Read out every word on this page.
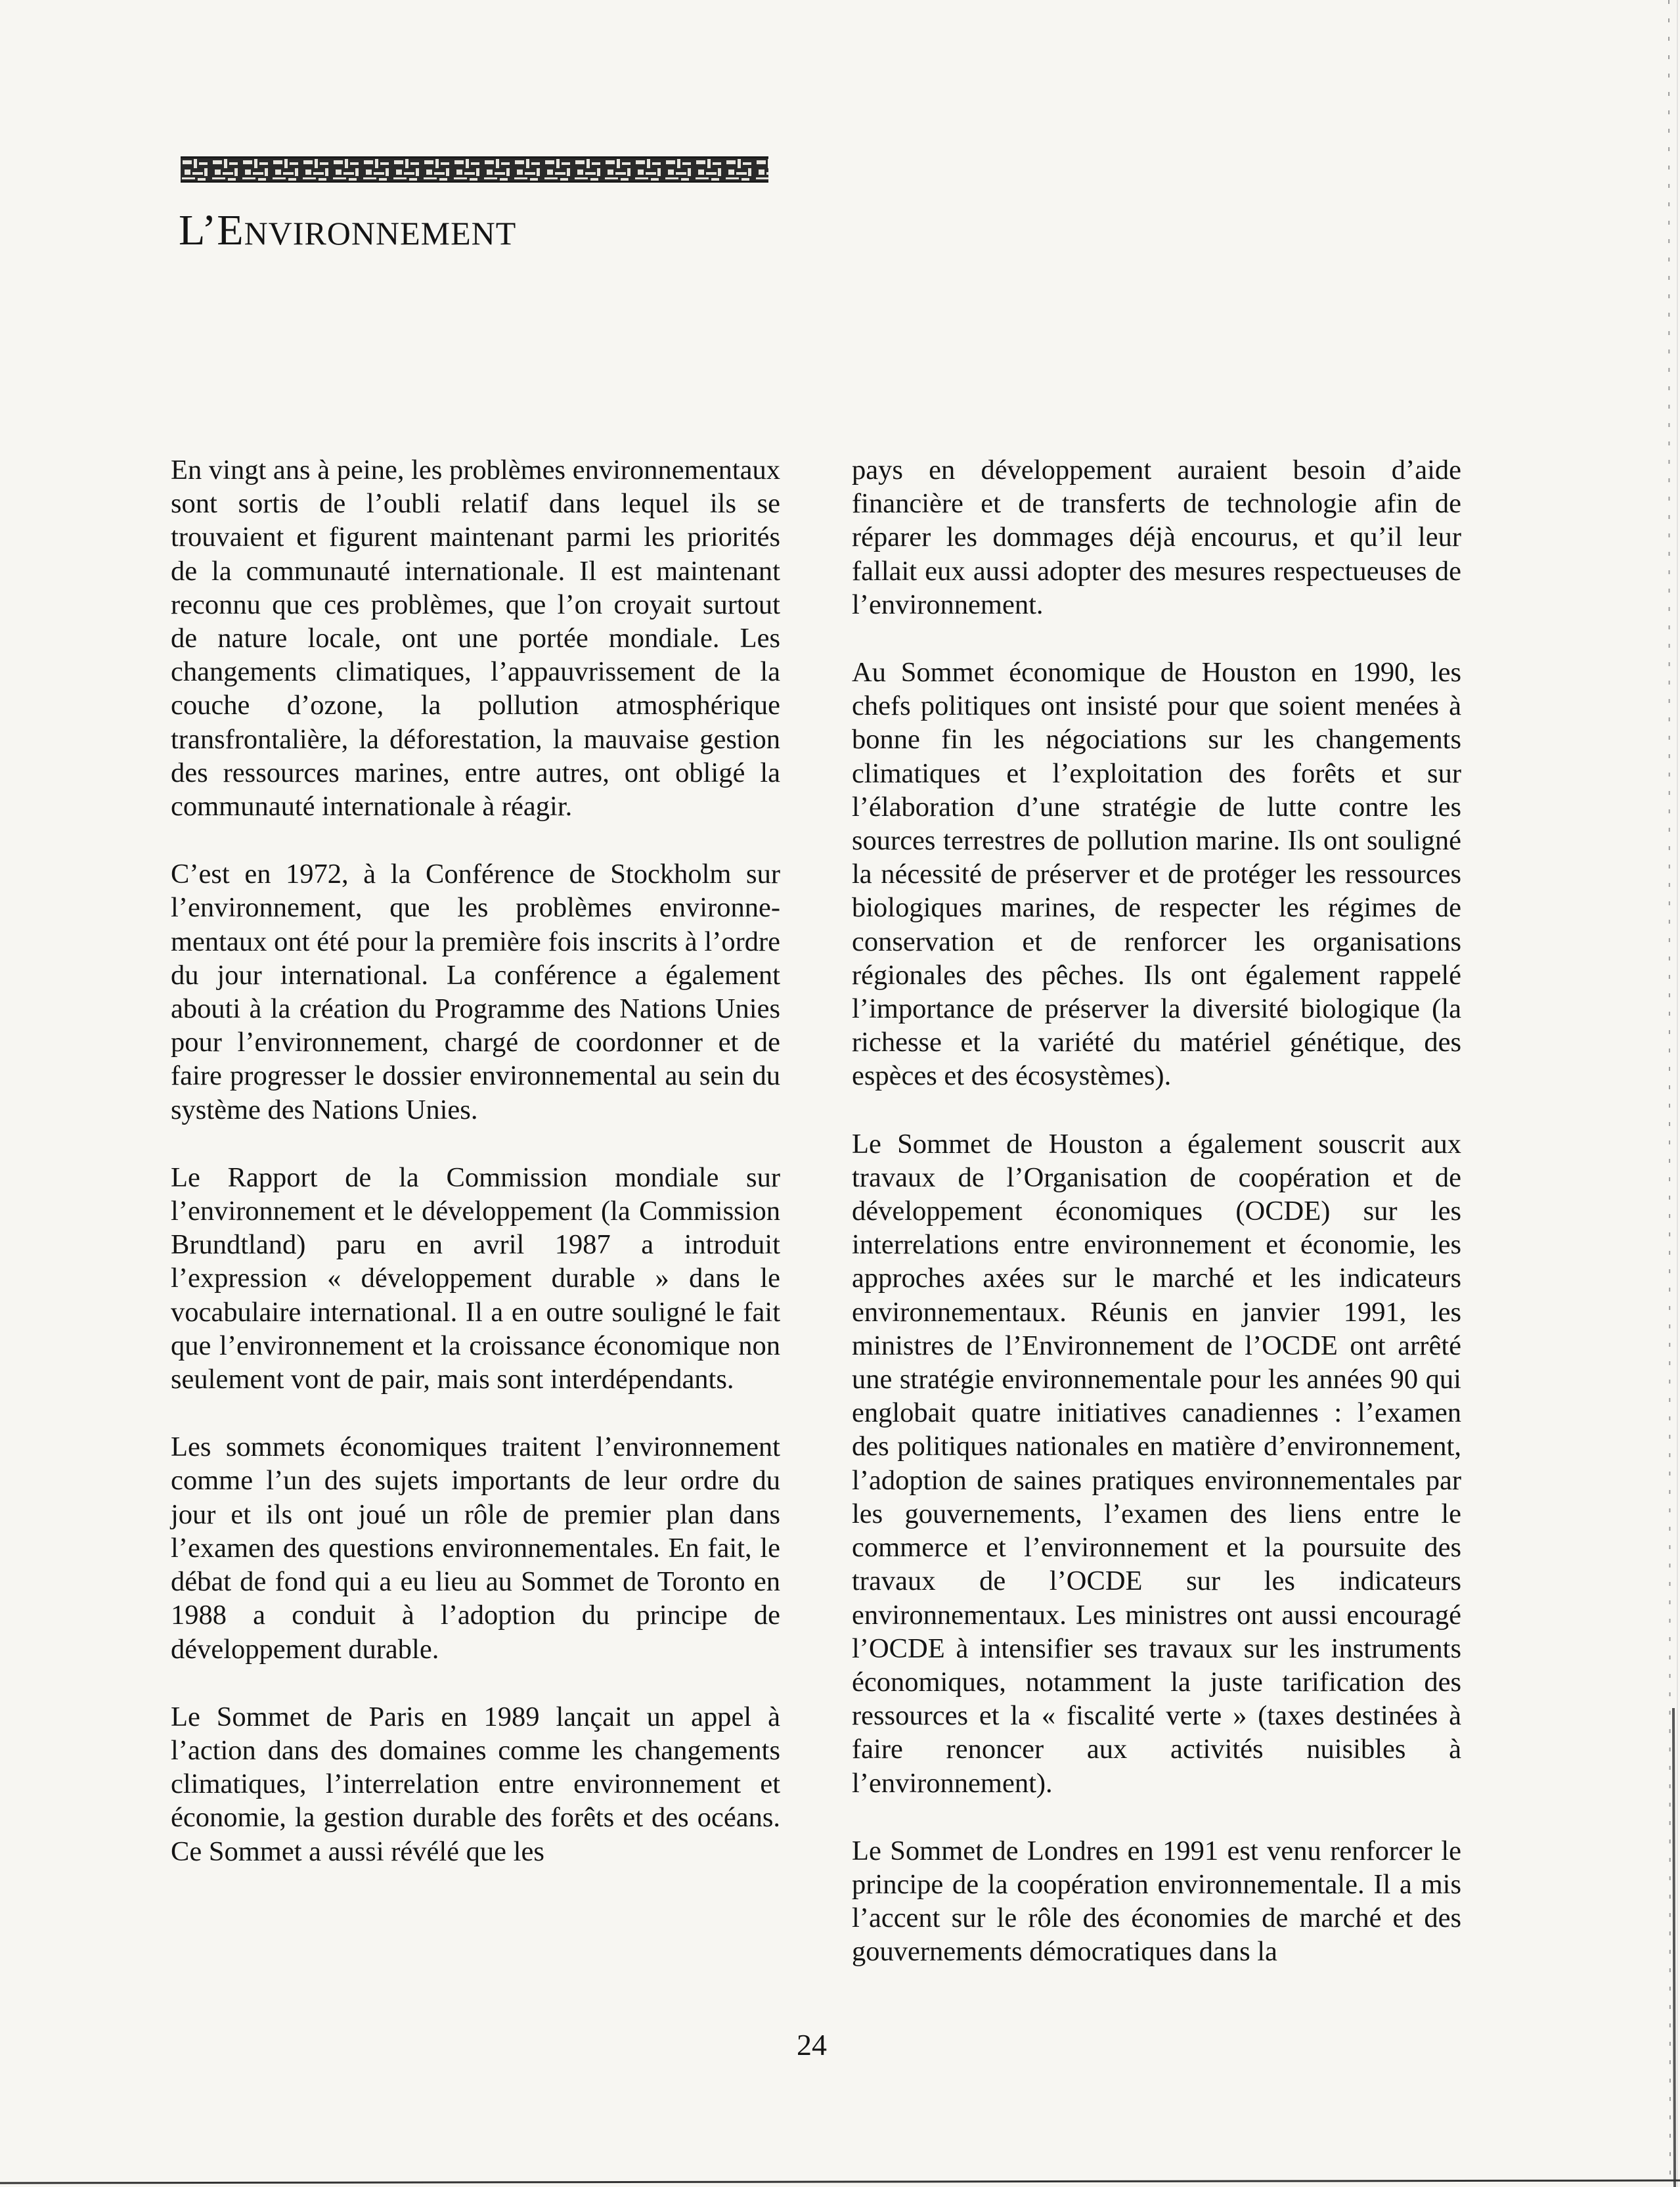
L’ENVIRONNEMENT

En vingt ans à peine, les problèmes environnementaux sont sortis de l’oubli relatif dans lequel ils se trouvaient et figurent maintenant parmi les priorités de la communauté internationale. Il est maintenant reconnu que ces problèmes, que l’on croyait surtout de nature locale, ont une portée mondiale. Les changements climatiques, l’appauvrissement de la couche d’ozone, la pollution atmosphérique transfrontalière, la déforestation, la mauvaise gestion des ressources marines, entre autres, ont obligé la communauté internationale à réagir.

C’est en 1972, à la Conférence de Stockholm sur l’environnement, que les problèmes environnementaux ont été pour la première fois inscrits à l’ordre du jour international. La conférence a également abouti à la création du Programme des Nations Unies pour l’environnement, chargé de coordonner et de faire progresser le dossier environnemental au sein du système des Nations Unies.

Le Rapport de la Commission mondiale sur l’environnement et le développement (la Commission Brundtland) paru en avril 1987 a introduit l’expression « développement durable » dans le vocabulaire international. Il a en outre souligné le fait que l’environnement et la croissance économique non seulement vont de pair, mais sont interdépendants.

Les sommets économiques traitent l’environnement comme l’un des sujets importants de leur ordre du jour et ils ont joué un rôle de premier plan dans l’examen des questions environnementales. En fait, le débat de fond qui a eu lieu au Sommet de Toronto en 1988 a conduit à l’adoption du principe de développement durable.

Le Sommet de Paris en 1989 lançait un appel à l’action dans des domaines comme les changements climatiques, l’interrelation entre environnement et économie, la gestion durable des forêts et des océans. Ce Sommet a aussi révélé que les

pays en développement auraient besoin d’aide financière et de transferts de technologie afin de réparer les dommages déjà encourus, et qu’il leur fallait eux aussi adopter des mesures respectueuses de l’environnement.

Au Sommet économique de Houston en 1990, les chefs politiques ont insisté pour que soient menées à bonne fin les négociations sur les changements climatiques et l’exploitation des forêts et sur l’élaboration d’une stratégie de lutte contre les sources terrestres de pollution marine. Ils ont souligné la nécessité de préserver et de protéger les ressources biologiques marines, de respecter les régimes de conservation et de renforcer les organisations régionales des pêches. Ils ont également rappelé l’importance de préserver la diversité biologique (la richesse et la variété du matériel génétique, des espèces et des écosystèmes).

Le Sommet de Houston a également souscrit aux travaux de l’Organisation de coopération et de développement économiques (OCDE) sur les interrelations entre environnement et économie, les approches axées sur le marché et les indicateurs environnementaux. Réunis en janvier 1991, les ministres de l’Environnement de l’OCDE ont arrêté une stratégie environnementale pour les années 90 qui englobait quatre initiatives canadiennes : l’examen des politiques nationales en matière d’environnement, l’adoption de saines pratiques environnementales par les gouvernements, l’examen des liens entre le commerce et l’environnement et la poursuite des travaux de l’OCDE sur les indicateurs environnementaux. Les ministres ont aussi encouragé l’OCDE à intensifier ses travaux sur les instruments économiques, notamment la juste tarification des ressources et la « fiscalité verte » (taxes destinées à faire renoncer aux activités nuisibles à l’environnement).

Le Sommet de Londres en 1991 est venu renforcer le principe de la coopération environnementale. Il a mis l’accent sur le rôle des économies de marché et des gouvernements démocratiques dans la

24
